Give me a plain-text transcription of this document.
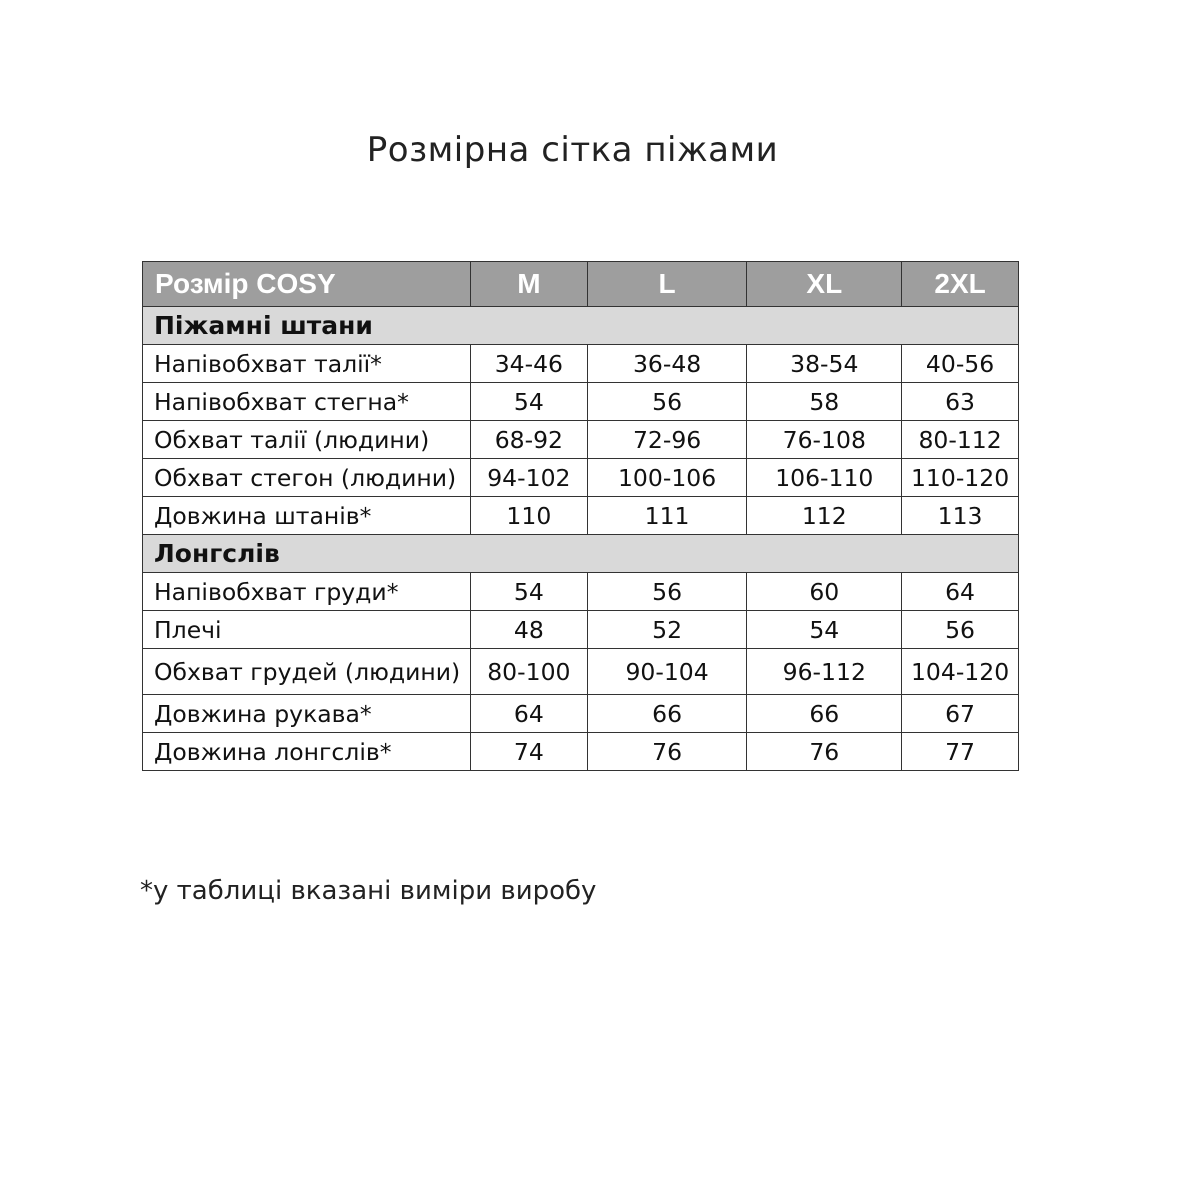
Розмірна сітка піжами
Розмір COSY	M	L	XL	2XL
Піжамні штани				
Напівобхват талії*	34-46	36-48	38-54	40-56
Напівобхват стегна*	54	56	58	63
Обхват талії (людини)	68-92	72-96	76-108	80-112
Обхват стегон (людини)	94-102	100-106	106-110	110-120
Довжина штанів*	110	111	112	113
Лонгслів				
Напівобхват груди*	54	56	60	64
Плечі	48	52	54	56
Обхват грудей (людини)	80-100	90-104	96-112	104-120
Довжина рукава*	64	66	66	67
Довжина лонгслів*	74	76	76	77
*у таблиці вказані виміри виробу
